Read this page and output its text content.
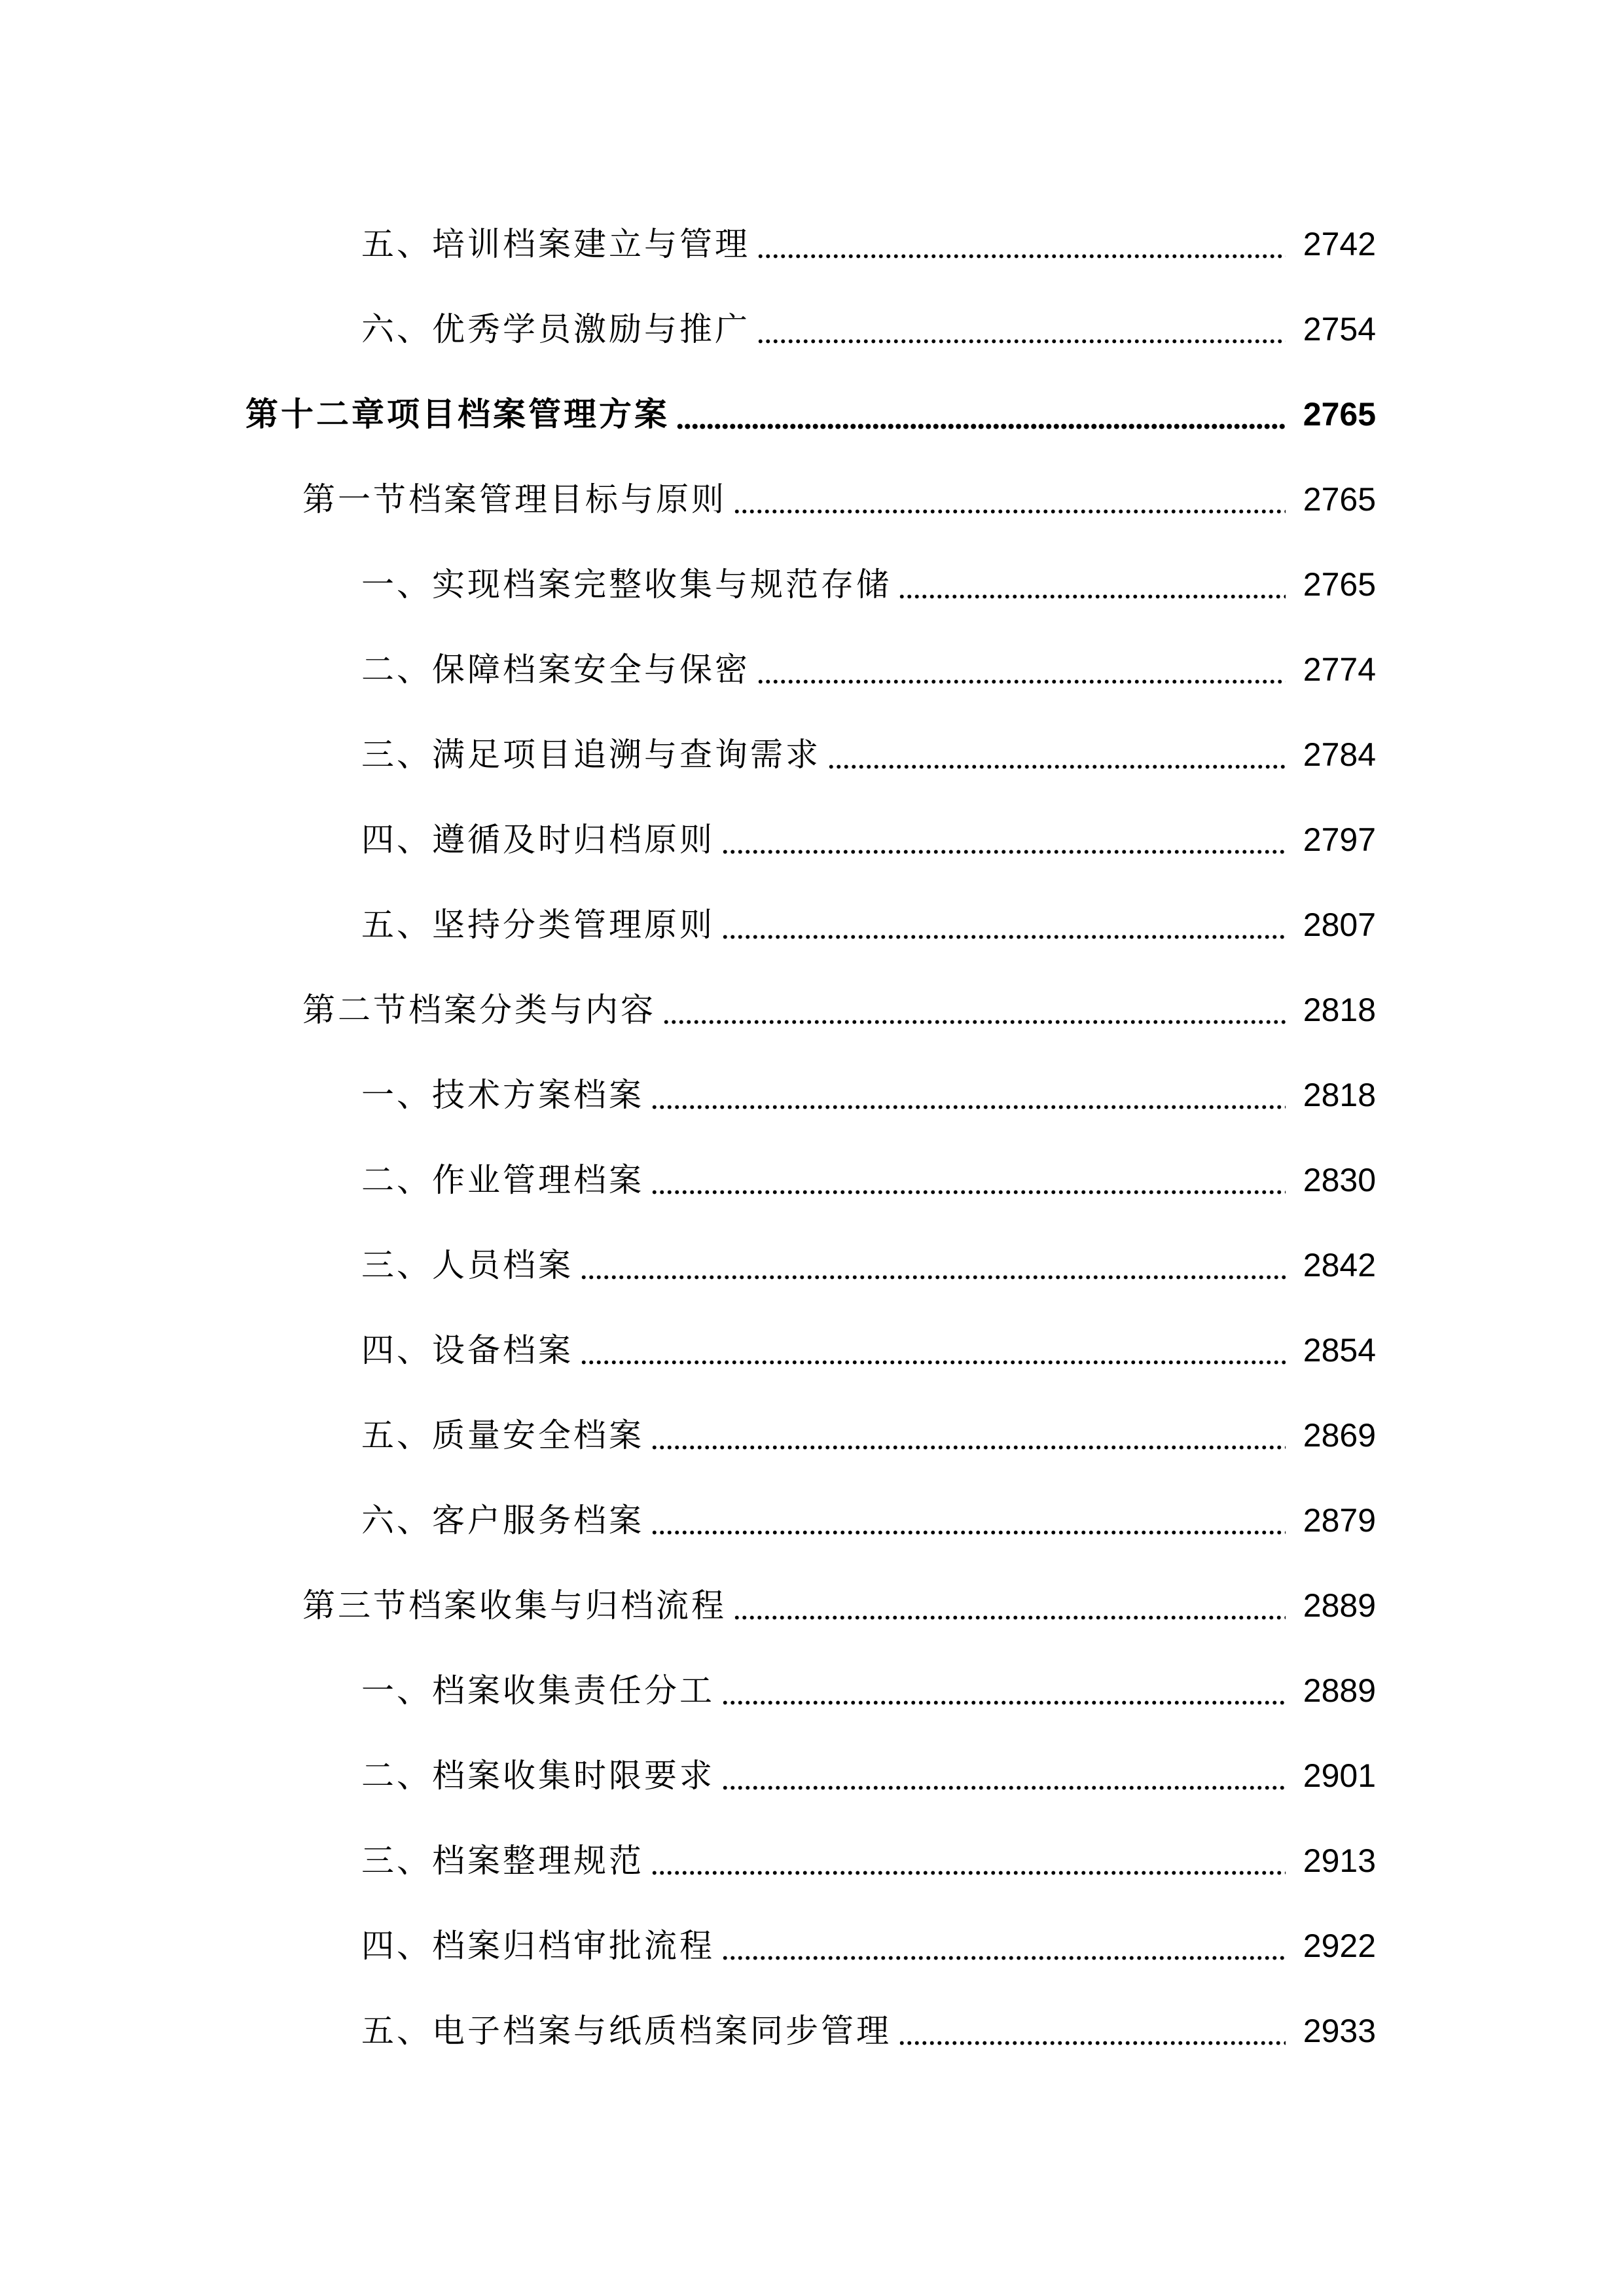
五、培训档案建立与管理	2742
六、优秀学员激励与推广	2754
第十二章项目档案管理方案	2765
第一节档案管理目标与原则	2765
一、实现档案完整收集与规范存储	2765
二、保障档案安全与保密	2774
三、满足项目追溯与查询需求	2784
四、遵循及时归档原则	2797
五、坚持分类管理原则	2807
第二节档案分类与内容	2818
一、技术方案档案	2818
二、作业管理档案	2830
三、人员档案	2842
四、设备档案	2854
五、质量安全档案	2869
六、客户服务档案	2879
第三节档案收集与归档流程	2889
一、档案收集责任分工	2889
二、档案收集时限要求	2901
三、档案整理规范	2913
四、档案归档审批流程	2922
五、电子档案与纸质档案同步管理	2933
